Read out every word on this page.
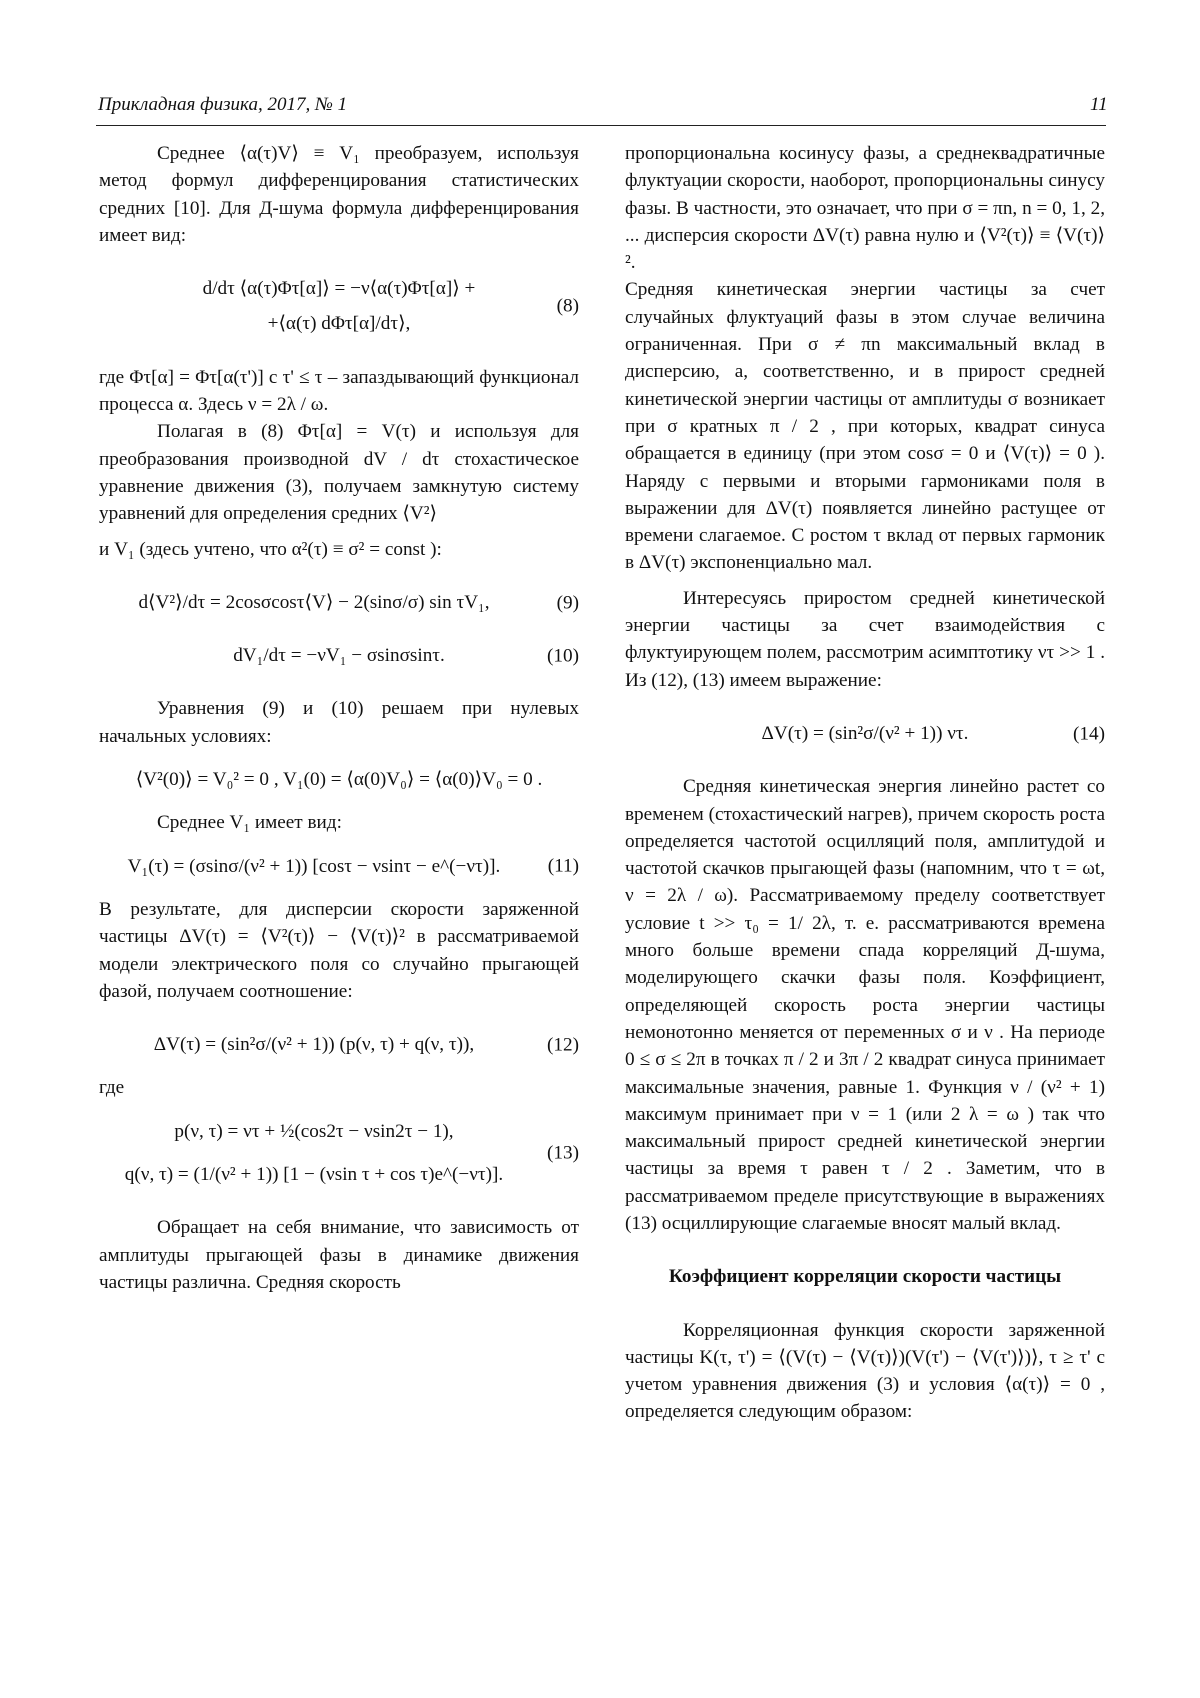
Прикладная физика, 2017, № 1	11

Среднее ⟨α(τ)V⟩ ≡ V₁ преобразуем, используя метод формул дифференцирования статистических средних [10]. Для Д-шума формула дифференцирования имеет вид:

d/dτ ⟨α(τ)Φτ[α]⟩ = −ν⟨α(τ)Φτ[α]⟩ +
+⟨α(τ) dΦτ[α]/dτ⟩,
(8)

где Φτ[α] = Φτ[α(τ')] с τ' ≤ τ – запаздывающий функционал процесса α. Здесь ν = 2λ / ω.

Полагая в (8) Φτ[α] = V(τ) и используя для преобразования производной dV / dτ стохастическое уравнение движения (3), получаем замкнутую систему уравнений для определения средних ⟨V²⟩

и V₁ (здесь учтено, что α²(τ) ≡ σ² = const ):

d⟨V²⟩/dτ = 2cosσcosτ⟨V⟩ − 2(sinσ/σ) sin τV₁,	(9)
dV₁/dτ = −νV₁ − σsinσsinτ.	(10)

Уравнения (9) и (10) решаем при нулевых начальных условиях:

⟨V²(0)⟩ = V₀² = 0 , V₁(0) = ⟨α(0)V₀⟩ = ⟨α(0)⟩V₀ = 0 .

Среднее V₁ имеет вид:

V₁(τ) = (σsinσ/(ν² + 1)) [cosτ − νsinτ − e^(−ντ)].	(11)

В результате, для дисперсии скорости заряженной частицы ΔV(τ) = ⟨V²(τ)⟩ − ⟨V(τ)⟩² в рассматриваемой модели электрического поля со случайно прыгающей фазой, получаем соотношение:

ΔV(τ) = (sin²σ/(ν² + 1)) (p(ν, τ) + q(ν, τ)),	(12)

где

p(ν, τ) = ντ + ½(cos2τ − νsin2τ − 1),
q(ν, τ) = (1/(ν² + 1)) [1 − (νsin τ + cos τ)e^(−ντ)].
(13)

Обращает на себя внимание, что зависимость от амплитуды прыгающей фазы в динамике движения частицы различна. Средняя скорость

пропорциональна косинусу фазы, а среднеквадратичные флуктуации скорости, наоборот, пропорциональны синусу фазы. В частности, это означает, что при σ = πn, n = 0, 1, 2, ... дисперсия скорости ΔV(τ) равна нулю и ⟨V²(τ)⟩ ≡ ⟨V(τ)⟩².

Средняя кинетическая энергии частицы за счет случайных флуктуаций фазы в этом случае величина ограниченная. При σ ≠ πn максимальный вклад в дисперсию, а, соответственно, и в прирост средней кинетической энергии частицы от амплитуды σ возникает при σ кратных π / 2 , при которых, квадрат синуса обращается в единицу (при этом cosσ = 0 и ⟨V(τ)⟩ = 0 ). Наряду с первыми и вторыми гармониками поля в выражении для ΔV(τ) появляется линейно растущее от времени слагаемое. С ростом τ вклад от первых гармоник в ΔV(τ) экспоненциально мал.

Интересуясь приростом средней кинетической энергии частицы за счет взаимодействия с флуктуирующем полем, рассмотрим асимптотику ντ >> 1 . Из (12), (13) имеем выражение:

ΔV(τ) = (sin²σ/(ν² + 1)) ντ.	(14)

Средняя кинетическая энергия линейно растет со временем (стохастический нагрев), причем скорость роста определяется частотой осцилляций поля, амплитудой и частотой скачков прыгающей фазы (напомним, что τ = ωt, ν = 2λ / ω). Рассматриваемому пределу соответствует условие t >> τ₀ = 1/ 2λ, т. е. рассматриваются времена много больше времени спада корреляций Д-шума, моделирующего скачки фазы поля. Коэффициент, определяющей скорость роста энергии частицы немонотонно меняется от переменных σ и ν . На периоде 0 ≤ σ ≤ 2π в точках π / 2 и 3π / 2 квадрат синуса принимает максимальные значения, равные 1. Функция ν / (ν² + 1) максимум принимает при ν = 1 (или 2 λ = ω ) так что максимальный прирост средней кинетической энергии частицы за время τ равен τ / 2 . Заметим, что в рассматриваемом пределе присутствующие в выражениях (13) осциллирующие слагаемые вносят малый вклад.

Коэффициент корреляции скорости частицы

Корреляционная функция скорости заряженной частицы K(τ, τ') = ⟨(V(τ) − ⟨V(τ)⟩)(V(τ') − ⟨V(τ')⟩)⟩, τ ≥ τ' с учетом уравнения движения (3) и условия ⟨α(τ)⟩ = 0 , определяется следующим образом:
